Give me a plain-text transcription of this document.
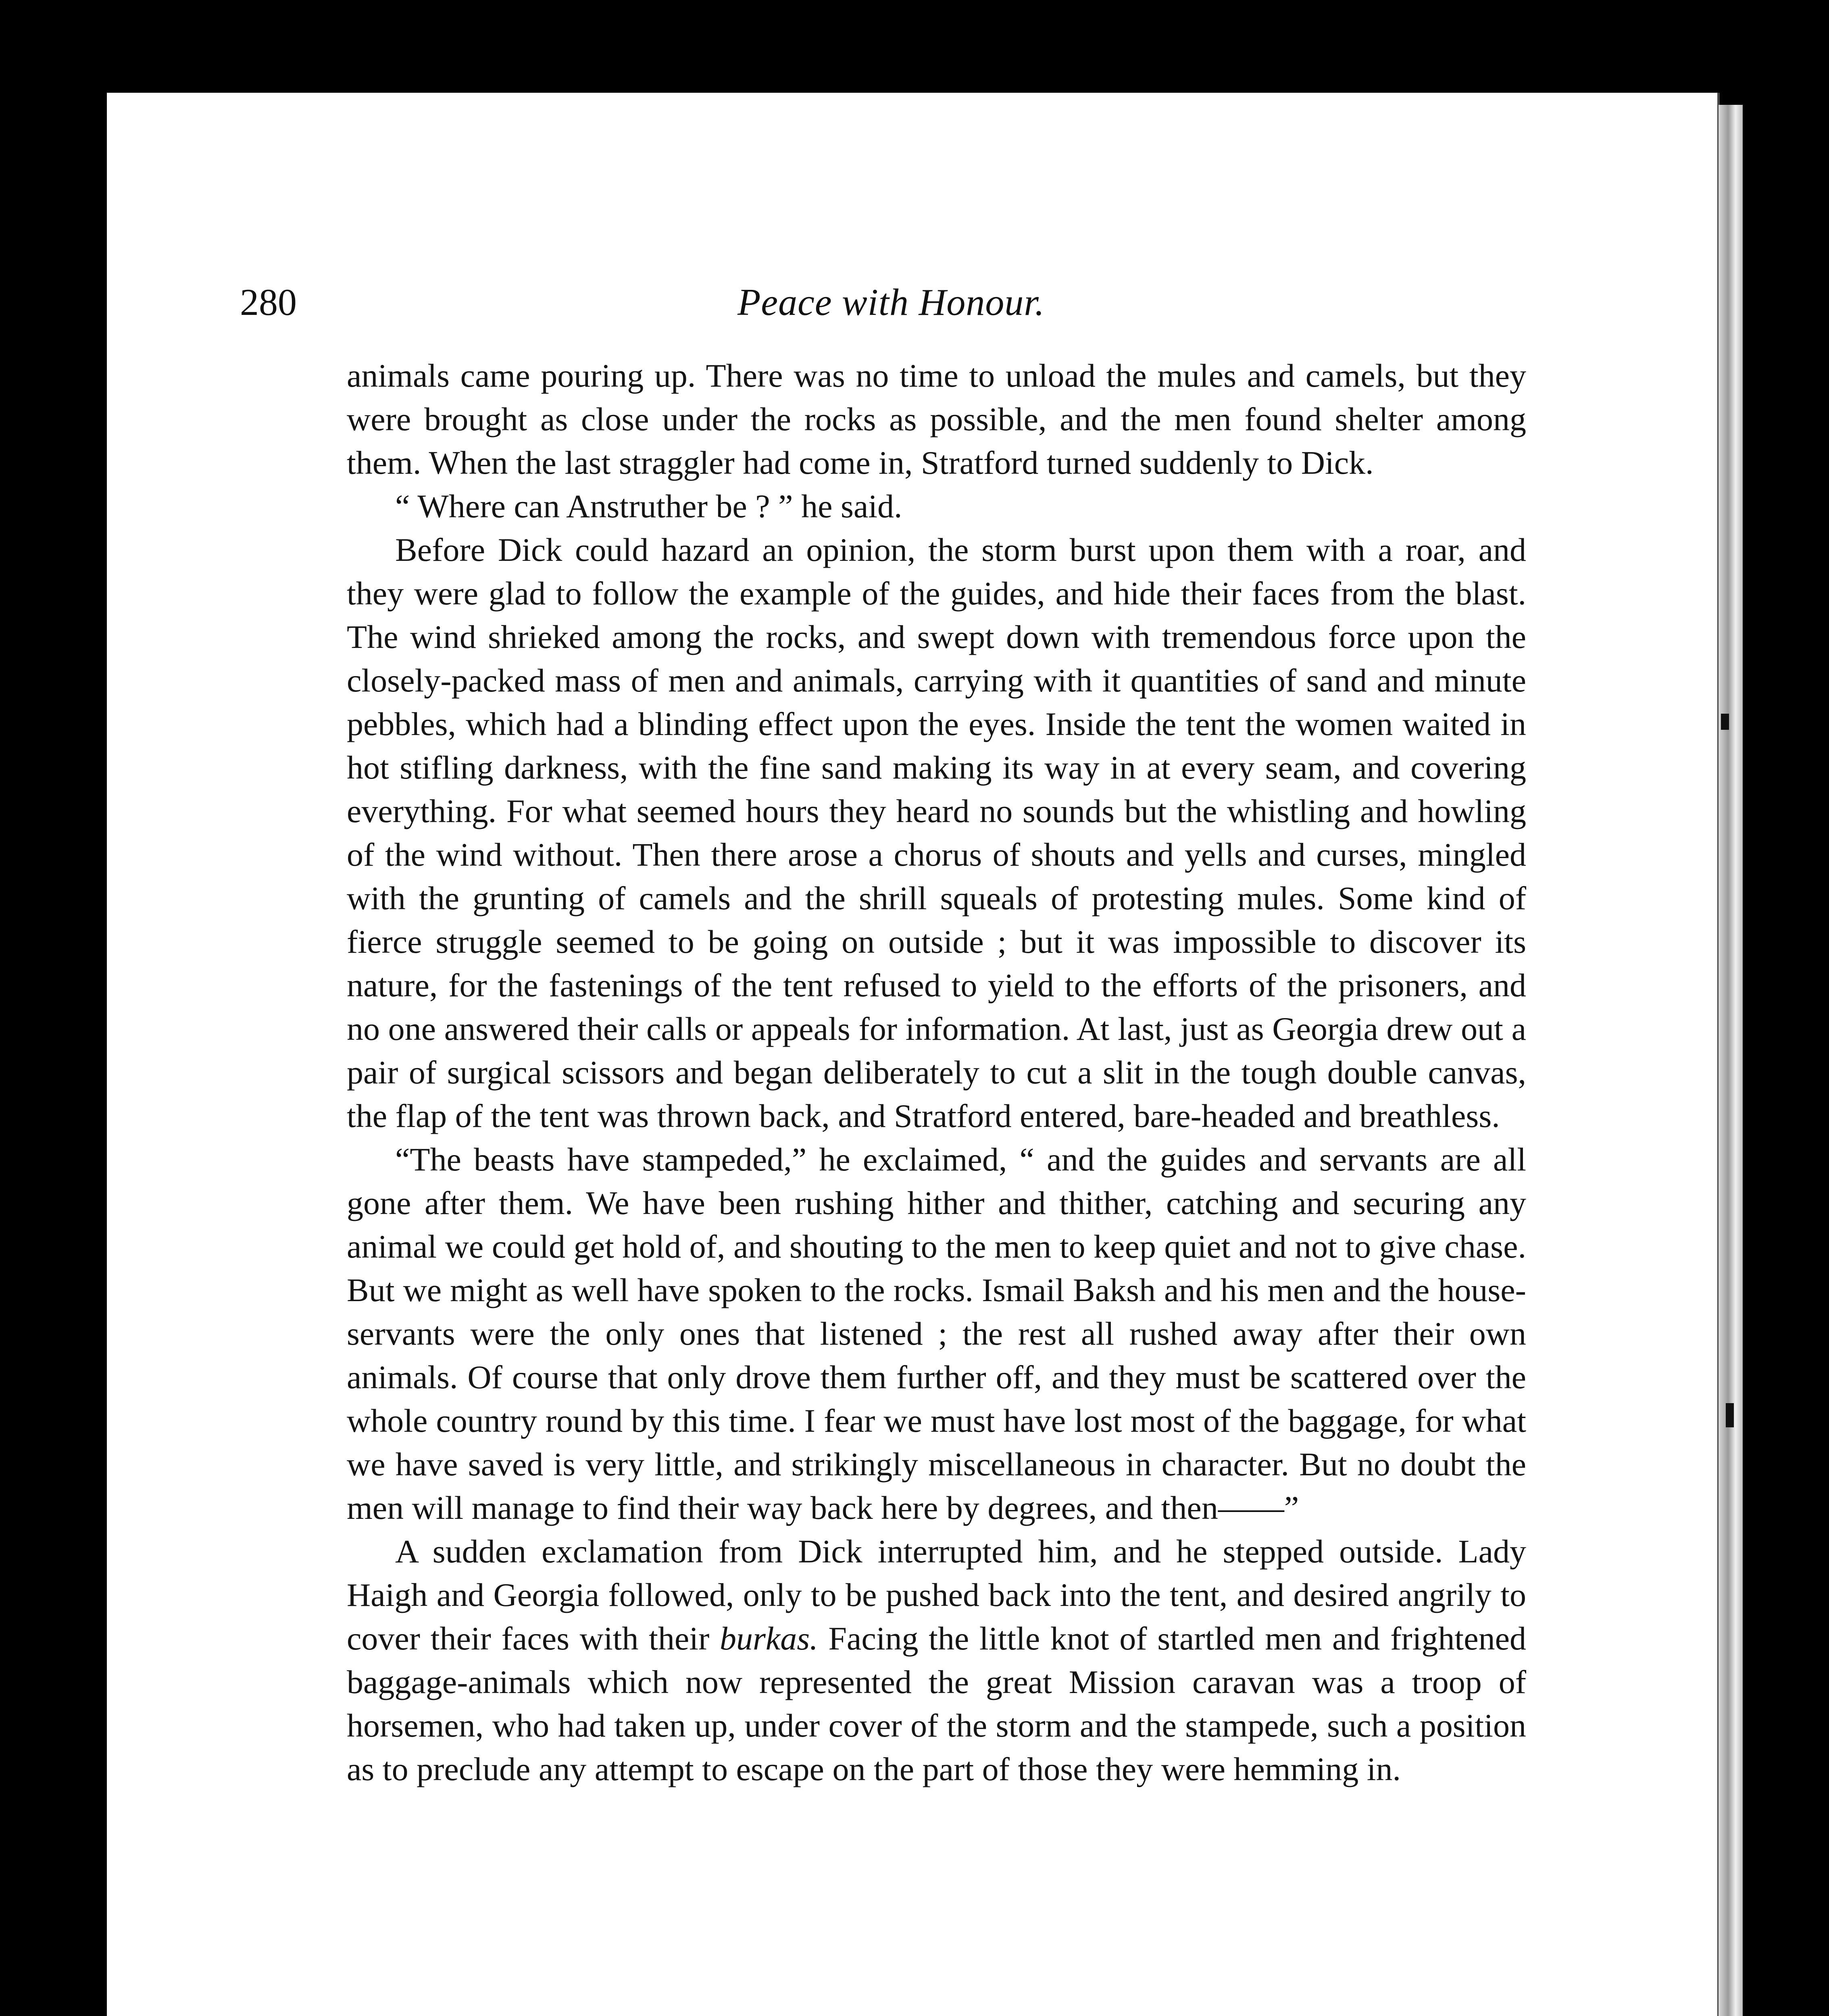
280	Peace with Honour.

animals came pouring up. There was no time to unload the mules and camels, but they were brought as close under the rocks as possible, and the men found shelter among them. When the last straggler had come in, Stratford turned suddenly to Dick.

“ Where can Anstruther be ? ” he said.

Before Dick could hazard an opinion, the storm burst upon them with a roar, and they were glad to follow the example of the guides, and hide their faces from the blast. The wind shrieked among the rocks, and swept down with tremendous force upon the closely-packed mass of men and animals, carrying with it quantities of sand and minute pebbles, which had a blinding effect upon the eyes. Inside the tent the women waited in hot stifling darkness, with the fine sand making its way in at every seam, and covering everything. For what seemed hours they heard no sounds but the whistling and howling of the wind without. Then there arose a chorus of shouts and yells and curses, mingled with the grunting of camels and the shrill squeals of protesting mules. Some kind of fierce struggle seemed to be going on outside ; but it was impossible to discover its nature, for the fastenings of the tent refused to yield to the efforts of the prisoners, and no one answered their calls or appeals for information. At last, just as Georgia drew out a pair of surgical scissors and began deliberately to cut a slit in the tough double canvas, the flap of the tent was thrown back, and Stratford entered, bare-headed and breathless.

“The beasts have stampeded,” he exclaimed, “ and the guides and servants are all gone after them. We have been rushing hither and thither, catching and securing any animal we could get hold of, and shouting to the men to keep quiet and not to give chase. But we might as well have spoken to the rocks. Ismail Baksh and his men and the house-servants were the only ones that listened ; the rest all rushed away after their own animals. Of course that only drove them further off, and they must be scattered over the whole country round by this time. I fear we must have lost most of the baggage, for what we have saved is very little, and strikingly miscellaneous in character. But no doubt the men will manage to find their way back here by degrees, and then——”

A sudden exclamation from Dick interrupted him, and he stepped outside. Lady Haigh and Georgia followed, only to be pushed back into the tent, and desired angrily to cover their faces with their burkas. Facing the little knot of startled men and frightened baggage-animals which now represented the great Mission caravan was a troop of horsemen, who had taken up, under cover of the storm and the stampede, such a position as to preclude any attempt to escape on the part of those they were hemming in.
